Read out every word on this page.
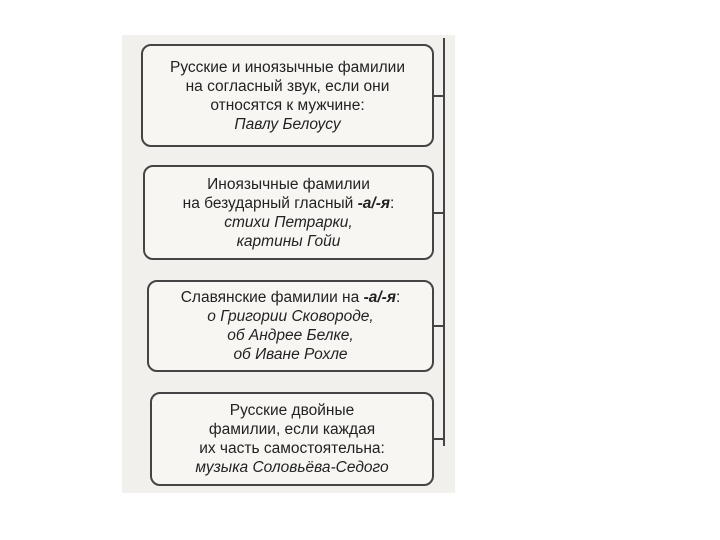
Русские и иноязычные фамилии
на согласный звук, если они
относятся к мужчине:
Павлу Белоусу
Иноязычные фамилии
на безударный гласный -а/-я:
стихи Петрарки,
картины Гойи
Славянские фамилии на -а/-я:
о Григории Сковороде,
об Андрее Белке,
об Иване Рохле
Русские двойные
фамилии, если каждая
их часть самостоятельна:
музыка Соловьёва-Седого
